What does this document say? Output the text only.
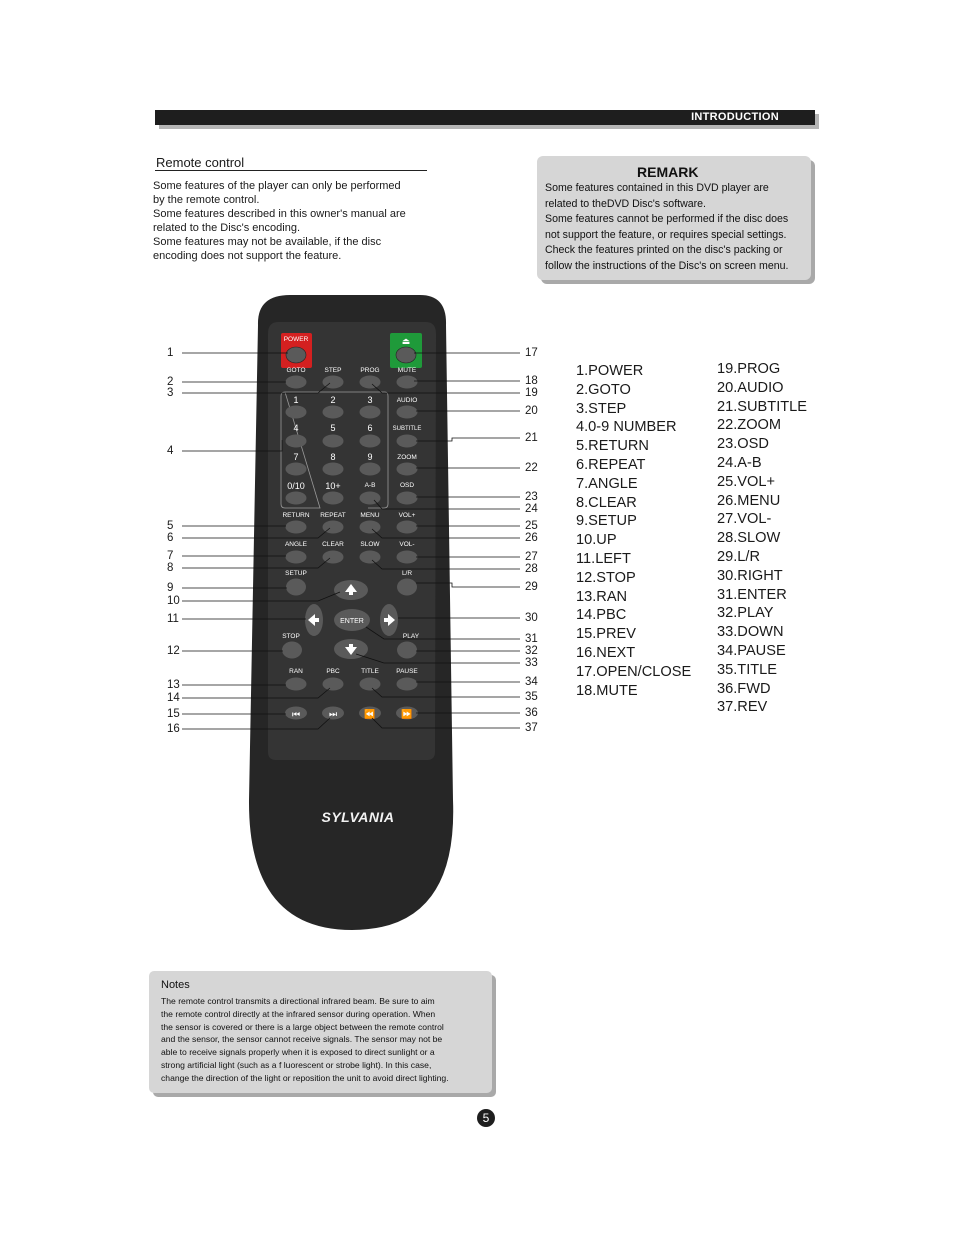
INTRODUCTION
Remote control
Some features of the player can only be performed
by the remote control.
Some features described in this owner's manual are
related to the Disc's encoding.
Some features may not be available, if the disc
encoding does not support the feature.
REMARK
Some features contained in this DVD player are
related to theDVD Disc's software.
Some features cannot be performed if the disc does
not support the feature, or requires special settings.
Check the features printed on the disc's packing or
follow the instructions of the Disc's on screen menu.
POWER	⏏
GOTO	STEP	PROG	MUTE
1	2	3	AUDIO
4	5	6	SUBTITLE
7	8	9	ZOOM
0/10 10+	A-B	OSD
RETURN REPEAT MENU	VOL+
ANGLE CLEAR	SLOW	VOL-
SETUP	L/R
ENTER
STOP	PLAY
RAN	PBC	TITLE	PAUSE
⏮	⏭	⏪	⏩
SYLVANIA
1
2
3
4
5
6
7
8
9
10
11
12
13
14
15
16
17
18
19
20
21
22
23
24
25
26
27
28
29
30
31
32
33
34
35
36
37
1.POWER
2.GOTO
3.STEP
4.0-9 NUMBER
5.RETURN
6.REPEAT
7.ANGLE
8.CLEAR
9.SETUP
10.UP
11.LEFT
12.STOP
13.RAN
14.PBC
15.PREV
16.NEXT
17.OPEN/CLOSE
18.MUTE
19.PROG
20.AUDIO
21.SUBTITLE
22.ZOOM
23.OSD
24.A-B
25.VOL+
26.MENU
27.VOL-
28.SLOW
29.L/R
30.RIGHT
31.ENTER
32.PLAY
33.DOWN
34.PAUSE
35.TITLE
36.FWD
37.REV
Notes
The remote control transmits a directional infrared beam. Be sure to aim
the remote control directly at the infrared sensor during operation. When
the sensor is covered or there is a large object between the remote control
and the sensor, the sensor cannot receive signals. The sensor may not be
able to receive signals properly when it is exposed to direct sunlight or a
strong artificial light (such as a f luorescent or strobe light). In this case,
change the direction of the light or reposition the unit to avoid direct lighting.
5
